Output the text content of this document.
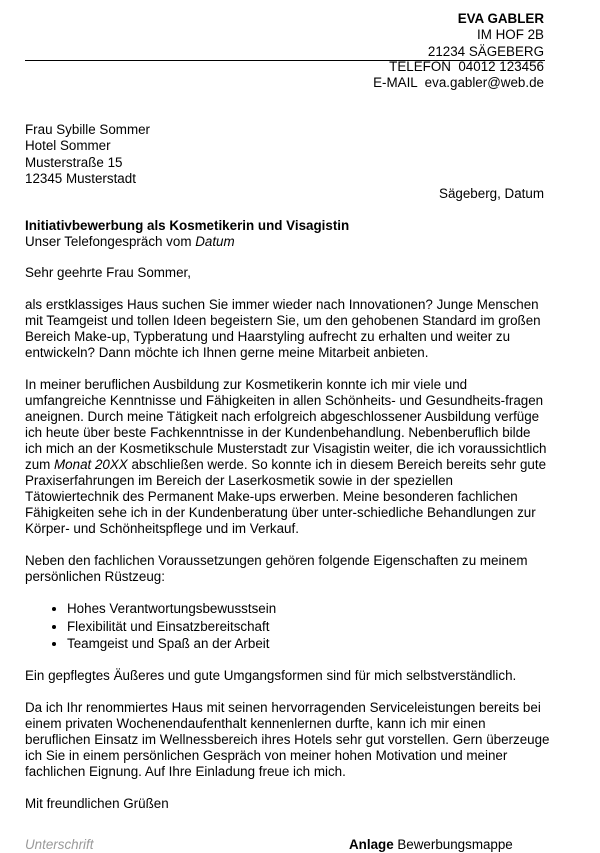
EVA GABLER
IM HOF 2B
21234 SÄGEBERG
TELEFON  04012 123456
E-MAIL  eva.gabler@web.de
Frau Sybille Sommer
Hotel Sommer
Musterstraße 15
12345 Musterstadt
Sägeberg, Datum
Initiativbewerbung als Kosmetikerin und Visagistin
Unser Telefongespräch vom Datum

Sehr geehrte Frau Sommer,

als erstklassiges Haus suchen Sie immer wieder nach Innovationen? Junge Menschen mit Teamgeist und tollen Ideen begeistern Sie, um den gehobenen Standard im großen Bereich Make-up, Typberatung und Haarstyling aufrecht zu erhalten und weiter zu entwickeln? Dann möchte ich Ihnen gerne meine Mitarbeit anbieten.

In meiner beruflichen Ausbildung zur Kosmetikerin konnte ich mir viele und umfangreiche Kenntnisse und Fähigkeiten in allen Schönheits- und Gesundheits-fragen aneignen. Durch meine Tätigkeit nach erfolgreich abgeschlossener Ausbildung verfüge ich heute über beste Fachkenntnisse in der Kundenbehandlung. Nebenberuflich bilde ich mich an der Kosmetikschule Musterstadt zur Visagistin weiter, die ich voraussichtlich zum Monat 20XX abschließen werde. So konnte ich in diesem Bereich bereits sehr gute Praxiserfahrungen im Bereich der Laserkosmetik sowie in der speziellen Tätowiertechnik des Permanent Make-ups erwerben. Meine besonderen fachlichen Fähigkeiten sehe ich in der Kundenberatung über unter-schiedliche Behandlungen zur Körper- und Schönheitspflege und im Verkauf.

Neben den fachlichen Voraussetzungen gehören folgende Eigenschaften zu meinem persönlichen Rüstzeug:

• Hohes Verantwortungsbewusstsein
• Flexibilität und Einsatzbereitschaft
• Teamgeist und Spaß an der Arbeit

Ein gepflegtes Äußeres und gute Umgangsformen sind für mich selbstverständlich.

Da ich Ihr renommiertes Haus mit seinen hervorragenden Serviceleistungen bereits bei einem privaten Wochenendaufenthalt kennenlernen durfte, kann ich mir einen beruflichen Einsatz im Wellnessbereich ihres Hotels sehr gut vorstellen. Gern überzeuge ich Sie in einem persönlichen Gespräch von meiner hohen Motivation und meiner fachlichen Eignung. Auf Ihre Einladung freue ich mich.

Mit freundlichen Grüßen

Unterschrift	Anlage Bewerbungsmappe
